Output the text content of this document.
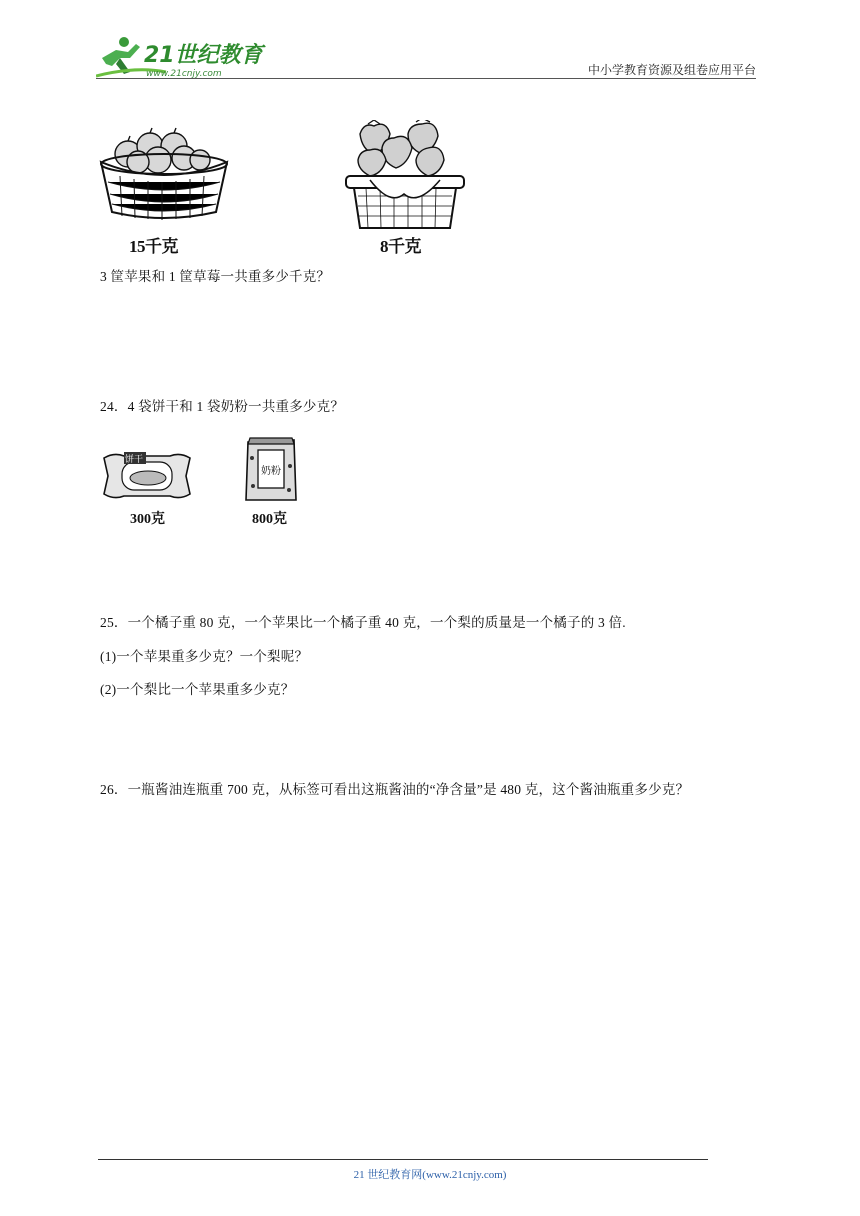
21世纪教育
www.21cnjy.com	中小学教育资源及组卷应用平台
15千克	8千克
3 筐苹果和 1 筐草莓一共重多少千克？
24．4 袋饼干和 1 袋奶粉一共重多少克？
饼干
300克
奶粉
800克
25．一个橘子重 80 克，一个苹果比一个橘子重 40 克，一个梨的质量是一个橘子的 3 倍.
(1)一个苹果重多少克？一个梨呢？
(2)一个梨比一个苹果重多少克？
26．一瓶酱油连瓶重 700 克，从标签可看出这瓶酱油的“净含量”是 480 克，这个酱油瓶重多少克？
21 世纪教育网(www.21cnjy.com)
